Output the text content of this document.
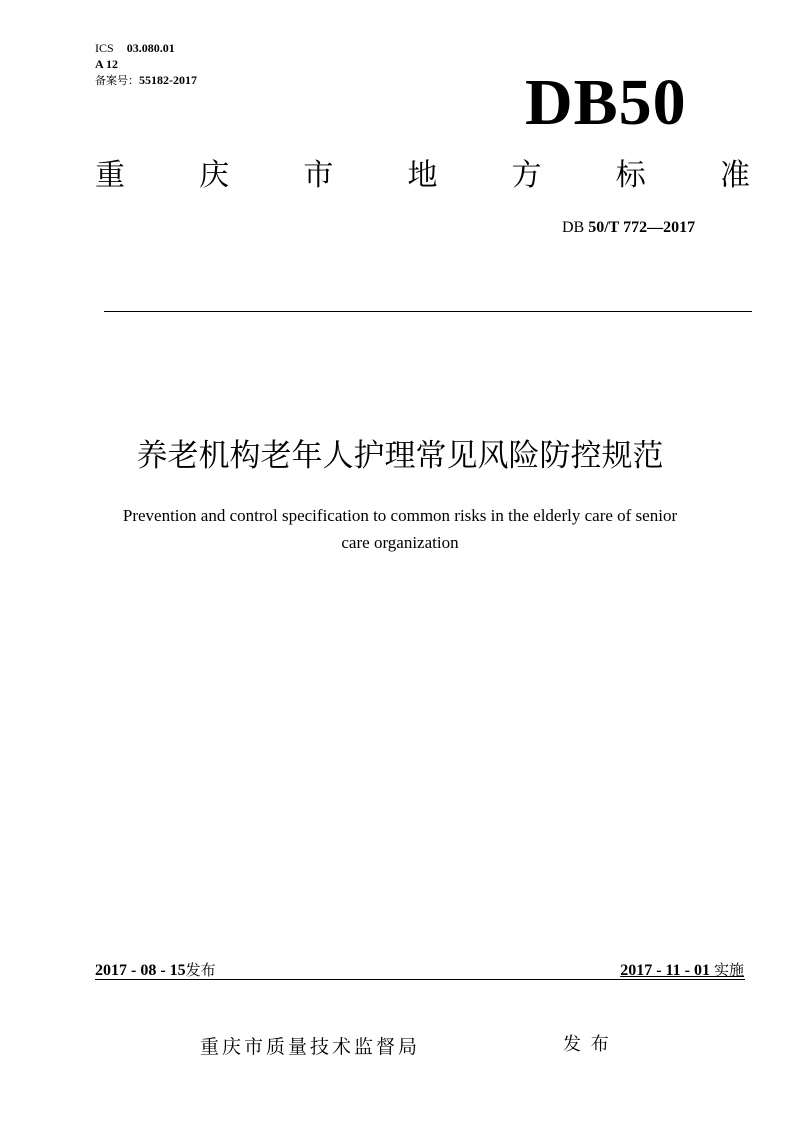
ICS 03.080.01
A 12
备案号：55182-2017	DB50
重 庆 市 地 方 标 准
DB 50/T 772—2017
养老机构老年人护理常见风险防控规范
Prevention and control specification to common risks in the elderly care of senior
care organization
2017 - 08 - 15发布	2017 - 11 - 01 实施
重庆市质量技术监督局	发 布
